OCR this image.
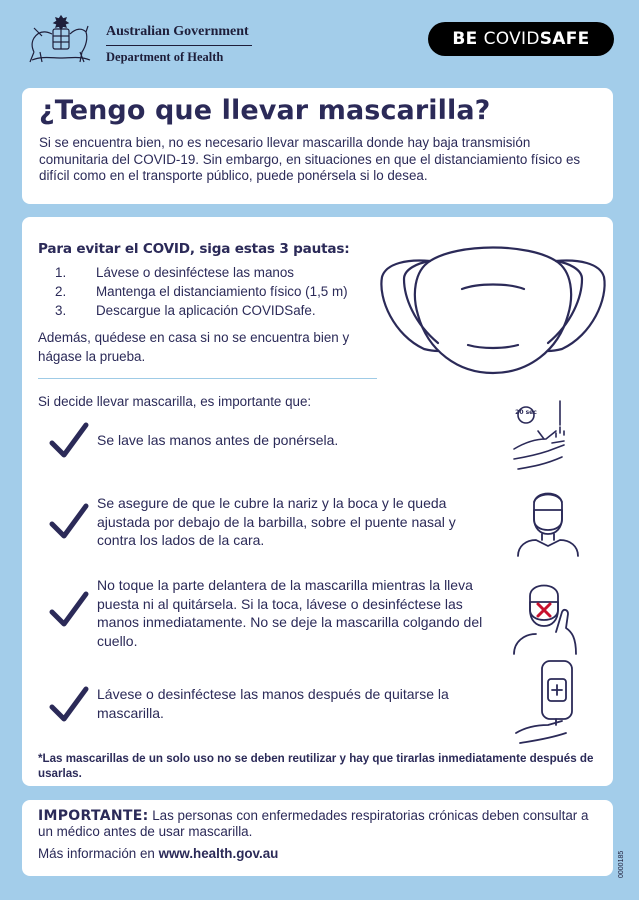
Australian Government
Department of Health
BE COVID SAFE
¿Tengo que llevar mascarilla?

Si se encuentra bien, no es necesario llevar mascarilla donde hay baja transmisión comunitaria del COVID-19. Sin embargo, en situaciones en que el distanciamiento físico es difícil como en el transporte público, puede ponérsela si lo desea.

Para evitar el COVID, siga estas 3 pautas:
1.	Lávese o desinféctese las manos
2.	Mantenga el distanciamiento físico (1,5 m)
3.	Descargue la aplicación COVIDSafe.

Además, quédese en casa si no se encuentra bien y hágase la prueba.

Si decide llevar mascarilla, es importante que:

Se lave las manos antes de ponérsela.

20 sec

Se asegure de que le cubre la nariz y la boca y le queda ajustada por debajo de la barbilla, sobre el puente nasal y contra los lados de la cara.

No toque la parte delantera de la mascarilla mientras la lleva puesta ni al quitársela. Si la toca, lávese o desinféctese las manos inmediatamente. No se deje la mascarilla colgando del cuello.

Lávese o desinféctese las manos después de quitarse la mascarilla.

*Las mascarillas de un solo uso no se deben reutilizar y hay que tirarlas inmediatamente después de usarlas.

IMPORTANTE: Las personas con enfermedades respiratorias crónicas deben consultar a un médico antes de usar mascarilla.

Más información en www.health.gov.au	0000185
